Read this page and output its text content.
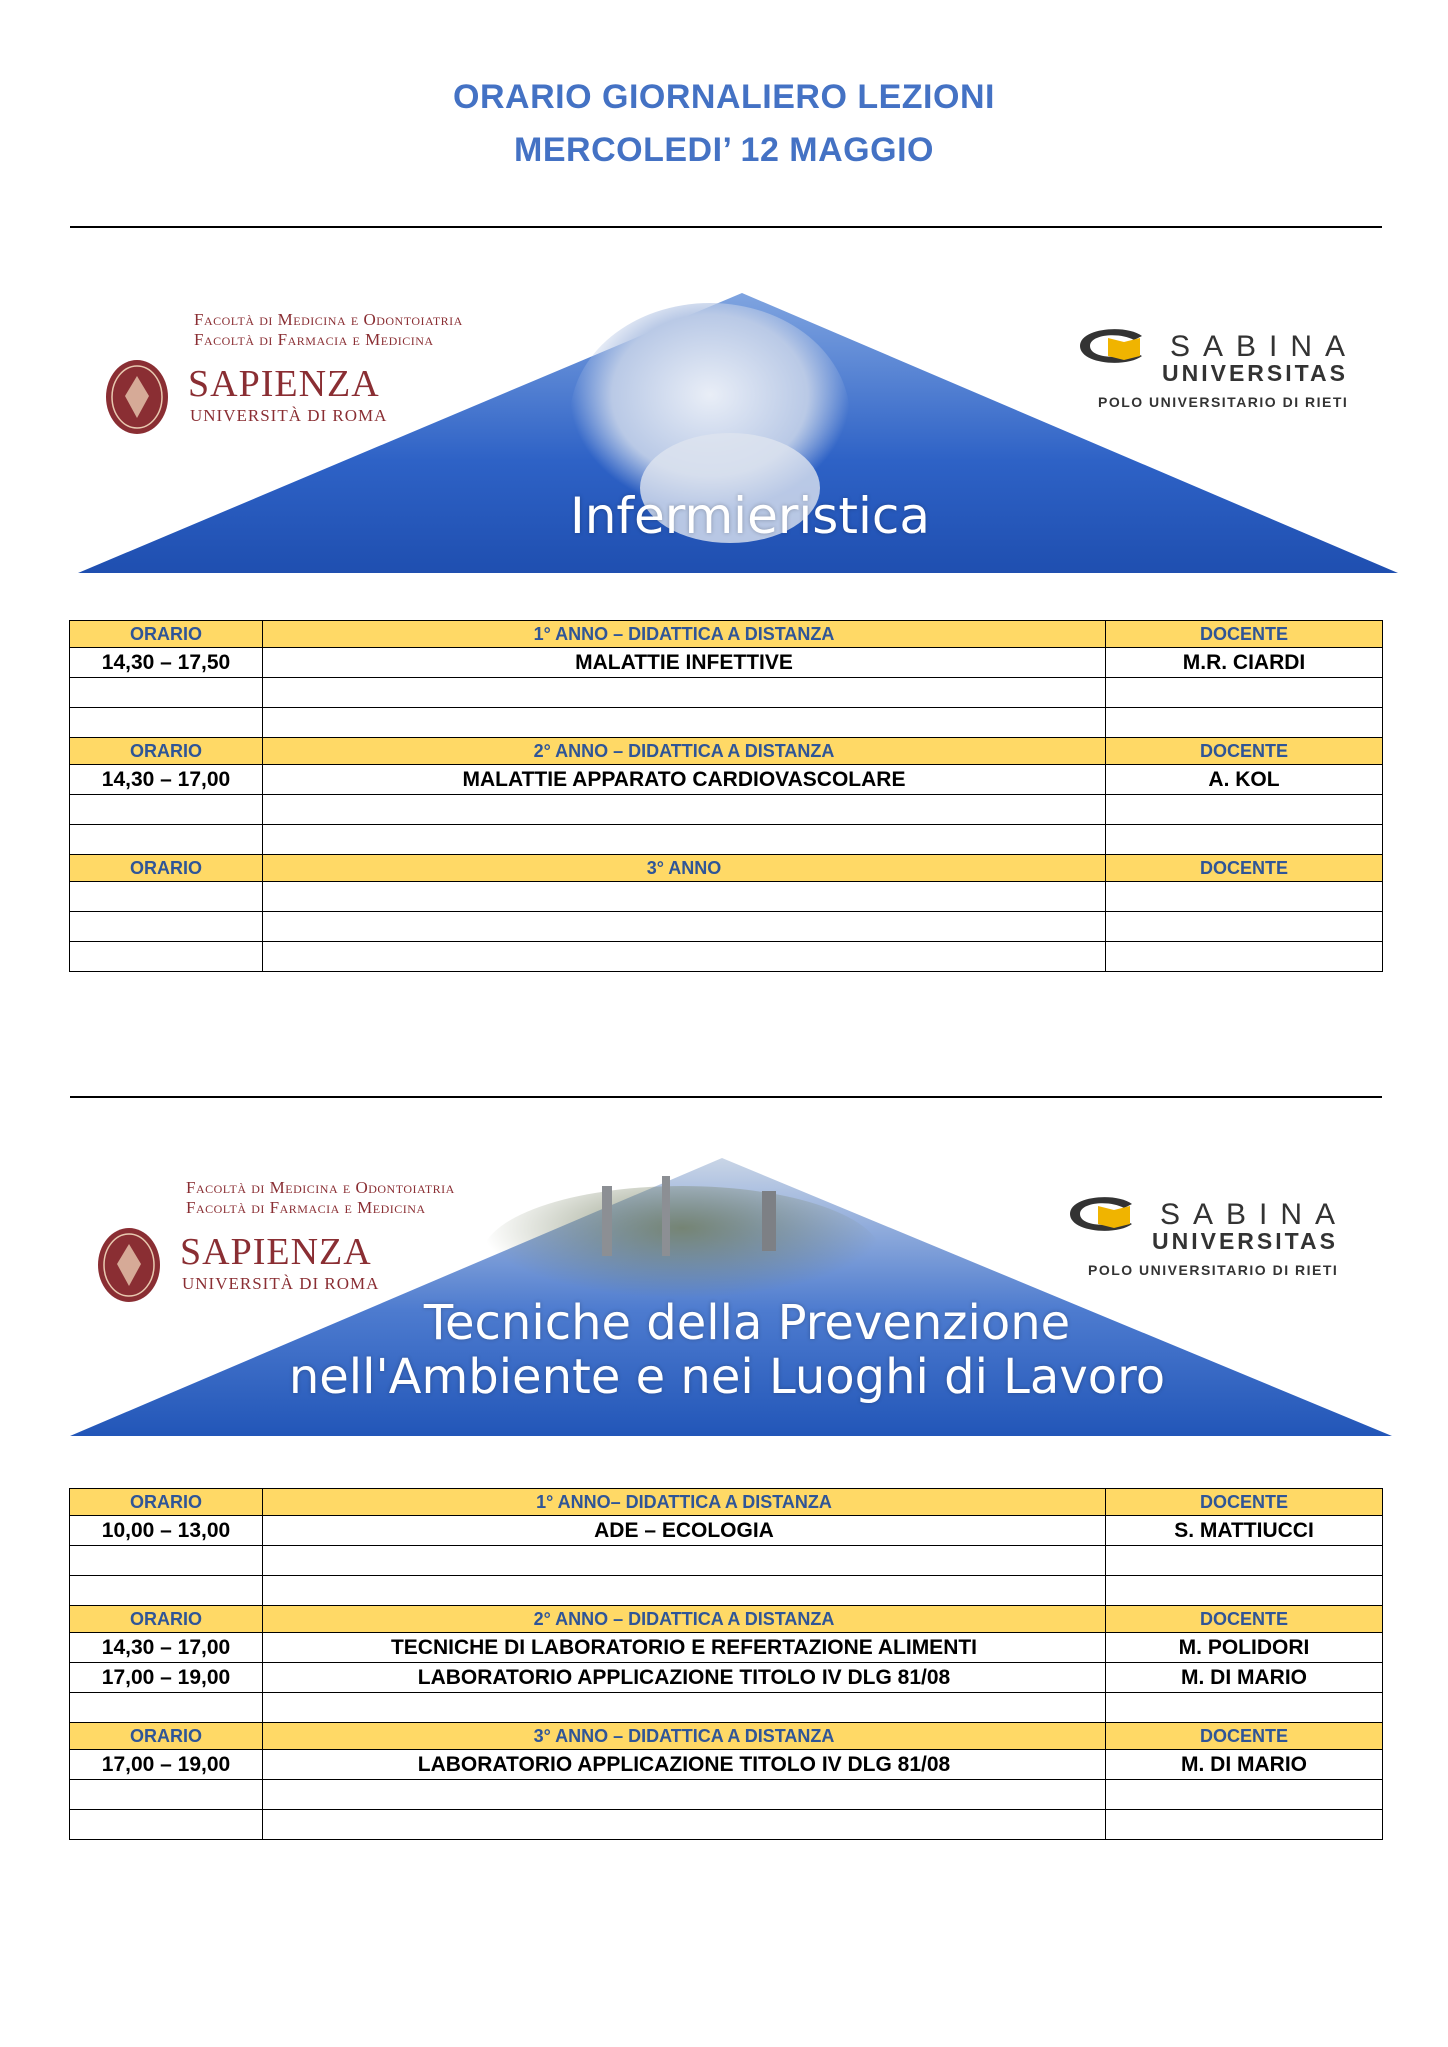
ORARIO GIORNALIERO LEZIONI
MERCOLEDI’ 12 MAGGIO
Facoltà di Medicina e Odontoiatria
Facoltà di Farmacia e Medicina
SAPIENZA
UNIVERSITÀ DI ROMA
SABINA
UNIVERSITAS
POLO UNIVERSITARIO DI RIETI
Infermieristica
ORARIO	1° ANNO – DIDATTICA A DISTANZA	DOCENTE
14,30 – 17,50	MALATTIE INFETTIVE	M.R. CIARDI

ORARIO	2° ANNO – DIDATTICA A DISTANZA	DOCENTE
14,30 – 17,00	MALATTIE APPARATO CARDIOVASCOLARE	A. KOL

ORARIO	3° ANNO	DOCENTE

Facoltà di Medicina e Odontoiatria
Facoltà di Farmacia e Medicina
SAPIENZA
UNIVERSITÀ DI ROMA
SABINA
UNIVERSITAS
POLO UNIVERSITARIO DI RIETI
Tecniche della Prevenzione
nell'Ambiente e nei Luoghi di Lavoro
ORARIO	1° ANNO– DIDATTICA A DISTANZA	DOCENTE
10,00 – 13,00	ADE – ECOLOGIA	S. MATTIUCCI

ORARIO	2° ANNO – DIDATTICA A DISTANZA	DOCENTE
14,30 – 17,00	TECNICHE DI LABORATORIO E REFERTAZIONE ALIMENTI	M. POLIDORI
17,00 – 19,00	LABORATORIO APPLICAZIONE TITOLO IV DLG 81/08	M. DI MARIO

ORARIO	3° ANNO – DIDATTICA A DISTANZA	DOCENTE
17,00 – 19,00	LABORATORIO APPLICAZIONE TITOLO IV DLG 81/08	M. DI MARIO
